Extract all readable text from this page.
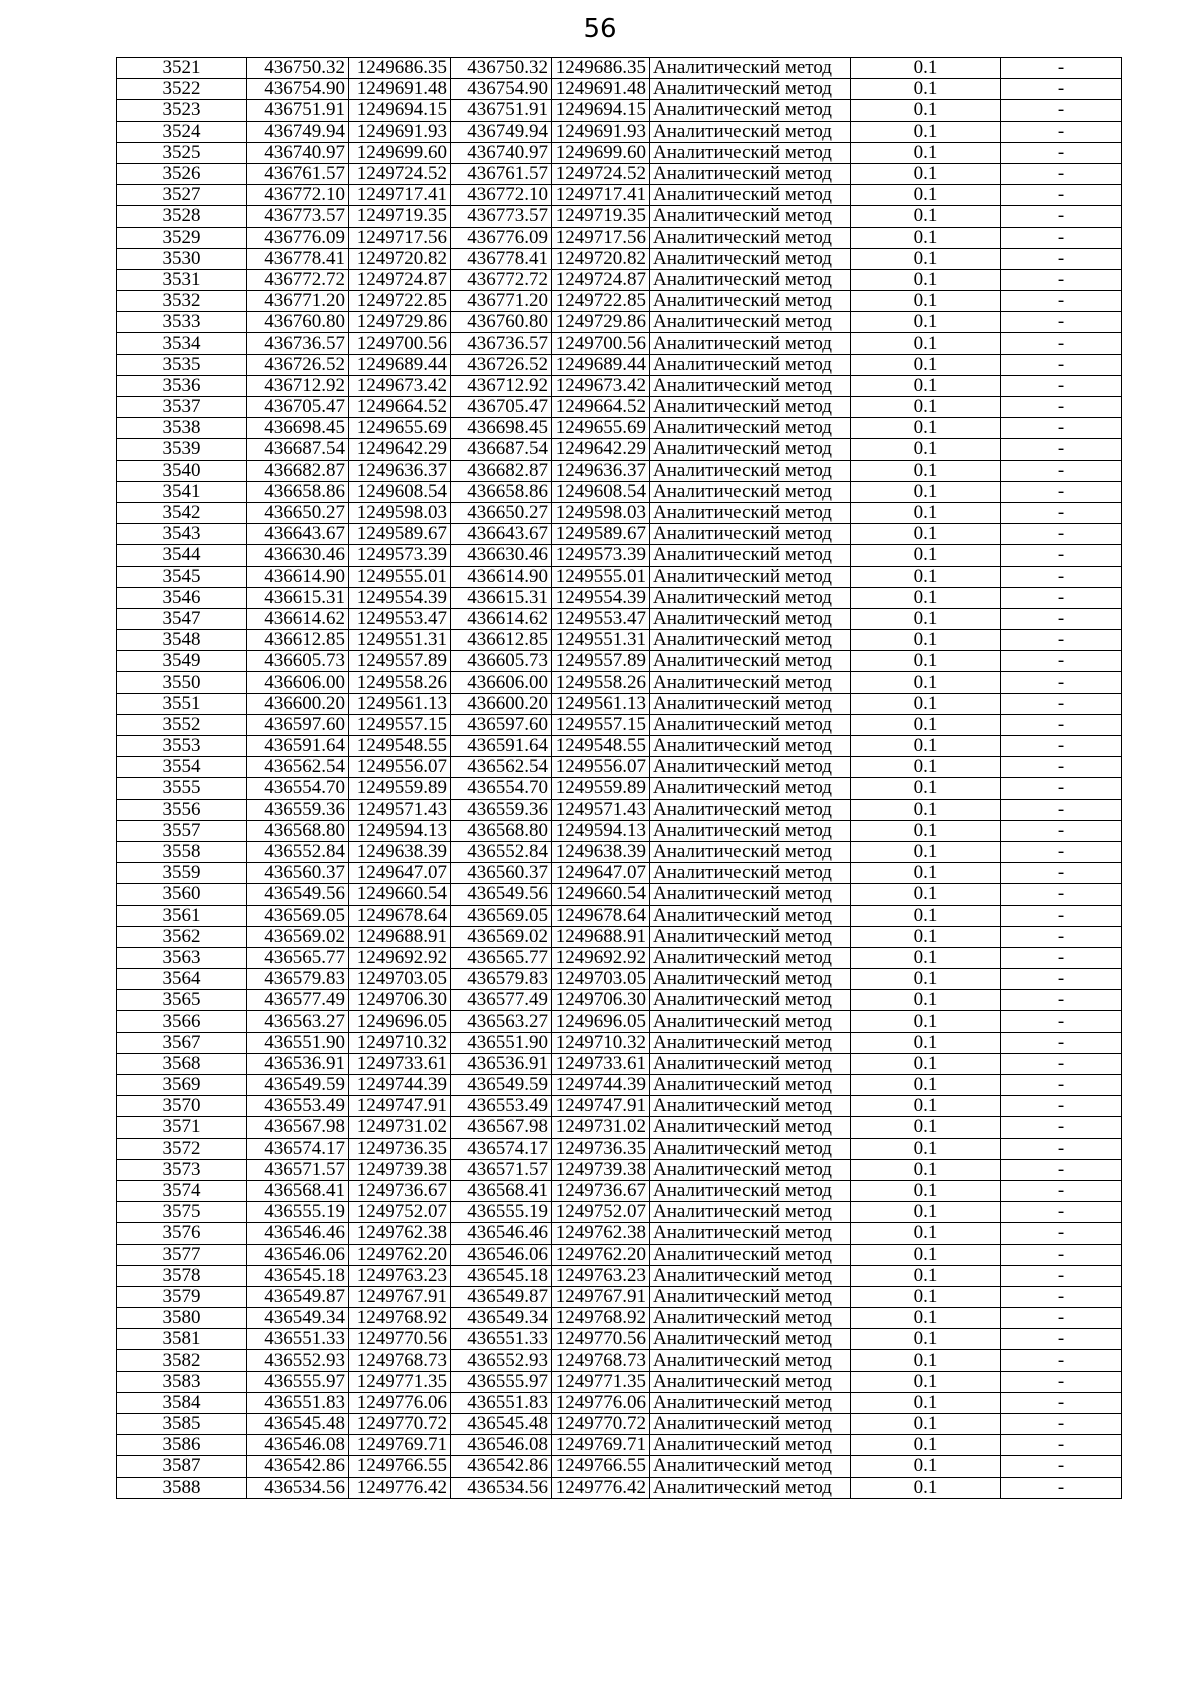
56
3521	436750.32	1249686.35	436750.32	1249686.35	Аналитический метод	0.1	-
3522	436754.90	1249691.48	436754.90	1249691.48	Аналитический метод	0.1	-
3523	436751.91	1249694.15	436751.91	1249694.15	Аналитический метод	0.1	-
3524	436749.94	1249691.93	436749.94	1249691.93	Аналитический метод	0.1	-
3525	436740.97	1249699.60	436740.97	1249699.60	Аналитический метод	0.1	-
3526	436761.57	1249724.52	436761.57	1249724.52	Аналитический метод	0.1	-
3527	436772.10	1249717.41	436772.10	1249717.41	Аналитический метод	0.1	-
3528	436773.57	1249719.35	436773.57	1249719.35	Аналитический метод	0.1	-
3529	436776.09	1249717.56	436776.09	1249717.56	Аналитический метод	0.1	-
3530	436778.41	1249720.82	436778.41	1249720.82	Аналитический метод	0.1	-
3531	436772.72	1249724.87	436772.72	1249724.87	Аналитический метод	0.1	-
3532	436771.20	1249722.85	436771.20	1249722.85	Аналитический метод	0.1	-
3533	436760.80	1249729.86	436760.80	1249729.86	Аналитический метод	0.1	-
3534	436736.57	1249700.56	436736.57	1249700.56	Аналитический метод	0.1	-
3535	436726.52	1249689.44	436726.52	1249689.44	Аналитический метод	0.1	-
3536	436712.92	1249673.42	436712.92	1249673.42	Аналитический метод	0.1	-
3537	436705.47	1249664.52	436705.47	1249664.52	Аналитический метод	0.1	-
3538	436698.45	1249655.69	436698.45	1249655.69	Аналитический метод	0.1	-
3539	436687.54	1249642.29	436687.54	1249642.29	Аналитический метод	0.1	-
3540	436682.87	1249636.37	436682.87	1249636.37	Аналитический метод	0.1	-
3541	436658.86	1249608.54	436658.86	1249608.54	Аналитический метод	0.1	-
3542	436650.27	1249598.03	436650.27	1249598.03	Аналитический метод	0.1	-
3543	436643.67	1249589.67	436643.67	1249589.67	Аналитический метод	0.1	-
3544	436630.46	1249573.39	436630.46	1249573.39	Аналитический метод	0.1	-
3545	436614.90	1249555.01	436614.90	1249555.01	Аналитический метод	0.1	-
3546	436615.31	1249554.39	436615.31	1249554.39	Аналитический метод	0.1	-
3547	436614.62	1249553.47	436614.62	1249553.47	Аналитический метод	0.1	-
3548	436612.85	1249551.31	436612.85	1249551.31	Аналитический метод	0.1	-
3549	436605.73	1249557.89	436605.73	1249557.89	Аналитический метод	0.1	-
3550	436606.00	1249558.26	436606.00	1249558.26	Аналитический метод	0.1	-
3551	436600.20	1249561.13	436600.20	1249561.13	Аналитический метод	0.1	-
3552	436597.60	1249557.15	436597.60	1249557.15	Аналитический метод	0.1	-
3553	436591.64	1249548.55	436591.64	1249548.55	Аналитический метод	0.1	-
3554	436562.54	1249556.07	436562.54	1249556.07	Аналитический метод	0.1	-
3555	436554.70	1249559.89	436554.70	1249559.89	Аналитический метод	0.1	-
3556	436559.36	1249571.43	436559.36	1249571.43	Аналитический метод	0.1	-
3557	436568.80	1249594.13	436568.80	1249594.13	Аналитический метод	0.1	-
3558	436552.84	1249638.39	436552.84	1249638.39	Аналитический метод	0.1	-
3559	436560.37	1249647.07	436560.37	1249647.07	Аналитический метод	0.1	-
3560	436549.56	1249660.54	436549.56	1249660.54	Аналитический метод	0.1	-
3561	436569.05	1249678.64	436569.05	1249678.64	Аналитический метод	0.1	-
3562	436569.02	1249688.91	436569.02	1249688.91	Аналитический метод	0.1	-
3563	436565.77	1249692.92	436565.77	1249692.92	Аналитический метод	0.1	-
3564	436579.83	1249703.05	436579.83	1249703.05	Аналитический метод	0.1	-
3565	436577.49	1249706.30	436577.49	1249706.30	Аналитический метод	0.1	-
3566	436563.27	1249696.05	436563.27	1249696.05	Аналитический метод	0.1	-
3567	436551.90	1249710.32	436551.90	1249710.32	Аналитический метод	0.1	-
3568	436536.91	1249733.61	436536.91	1249733.61	Аналитический метод	0.1	-
3569	436549.59	1249744.39	436549.59	1249744.39	Аналитический метод	0.1	-
3570	436553.49	1249747.91	436553.49	1249747.91	Аналитический метод	0.1	-
3571	436567.98	1249731.02	436567.98	1249731.02	Аналитический метод	0.1	-
3572	436574.17	1249736.35	436574.17	1249736.35	Аналитический метод	0.1	-
3573	436571.57	1249739.38	436571.57	1249739.38	Аналитический метод	0.1	-
3574	436568.41	1249736.67	436568.41	1249736.67	Аналитический метод	0.1	-
3575	436555.19	1249752.07	436555.19	1249752.07	Аналитический метод	0.1	-
3576	436546.46	1249762.38	436546.46	1249762.38	Аналитический метод	0.1	-
3577	436546.06	1249762.20	436546.06	1249762.20	Аналитический метод	0.1	-
3578	436545.18	1249763.23	436545.18	1249763.23	Аналитический метод	0.1	-
3579	436549.87	1249767.91	436549.87	1249767.91	Аналитический метод	0.1	-
3580	436549.34	1249768.92	436549.34	1249768.92	Аналитический метод	0.1	-
3581	436551.33	1249770.56	436551.33	1249770.56	Аналитический метод	0.1	-
3582	436552.93	1249768.73	436552.93	1249768.73	Аналитический метод	0.1	-
3583	436555.97	1249771.35	436555.97	1249771.35	Аналитический метод	0.1	-
3584	436551.83	1249776.06	436551.83	1249776.06	Аналитический метод	0.1	-
3585	436545.48	1249770.72	436545.48	1249770.72	Аналитический метод	0.1	-
3586	436546.08	1249769.71	436546.08	1249769.71	Аналитический метод	0.1	-
3587	436542.86	1249766.55	436542.86	1249766.55	Аналитический метод	0.1	-
3588	436534.56	1249776.42	436534.56	1249776.42	Аналитический метод	0.1	-
